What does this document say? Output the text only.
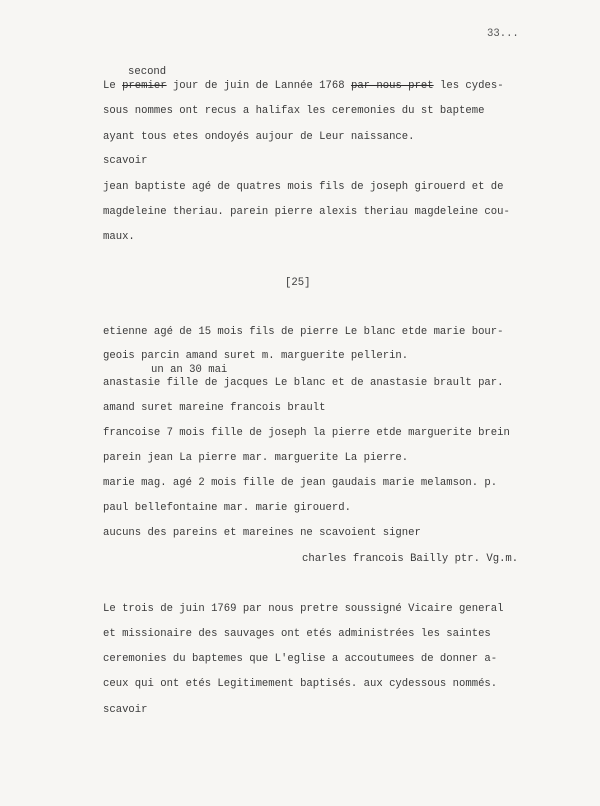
33...
second
Le premier jour de juin de Lannée 1768 par nous pret les cydes-
sous nommes ont recus a halifax les ceremonies du st bapteme
ayant tous etes ondoyés aujour de Leur naissance.
scavoir
jean baptiste agé de quatres mois fils de joseph girouerd et de
magdeleine theriau. parein pierre alexis theriau magdeleine cou-
maux.
[25]
etienne agé de 15 mois fils de pierre Le blanc etde marie bour-
geois parcin amand suret m. marguerite pellerin.
un an 30 mai
anastasie fille de jacques Le blanc et de anastasie brault par.
amand suret mareine francois brault
francoise 7 mois fille de joseph la pierre etde marguerite brein
parein jean La pierre mar. marguerite La pierre.
marie mag. agé 2 mois fille de jean gaudais marie melamson. p.
paul bellefontaine mar. marie girouerd.
aucuns des pareins et mareines ne scavoient signer
charles francois Bailly ptr. Vg.m.
Le trois de juin 1769 par nous pretre soussigné Vicaire general
et missionaire des sauvages ont etés administrées les saintes
ceremonies du baptemes que L'eglise a accoutumees de donner a-
ceux qui ont etés Legitimement baptisés. aux cydessous nommés.
scavoir
